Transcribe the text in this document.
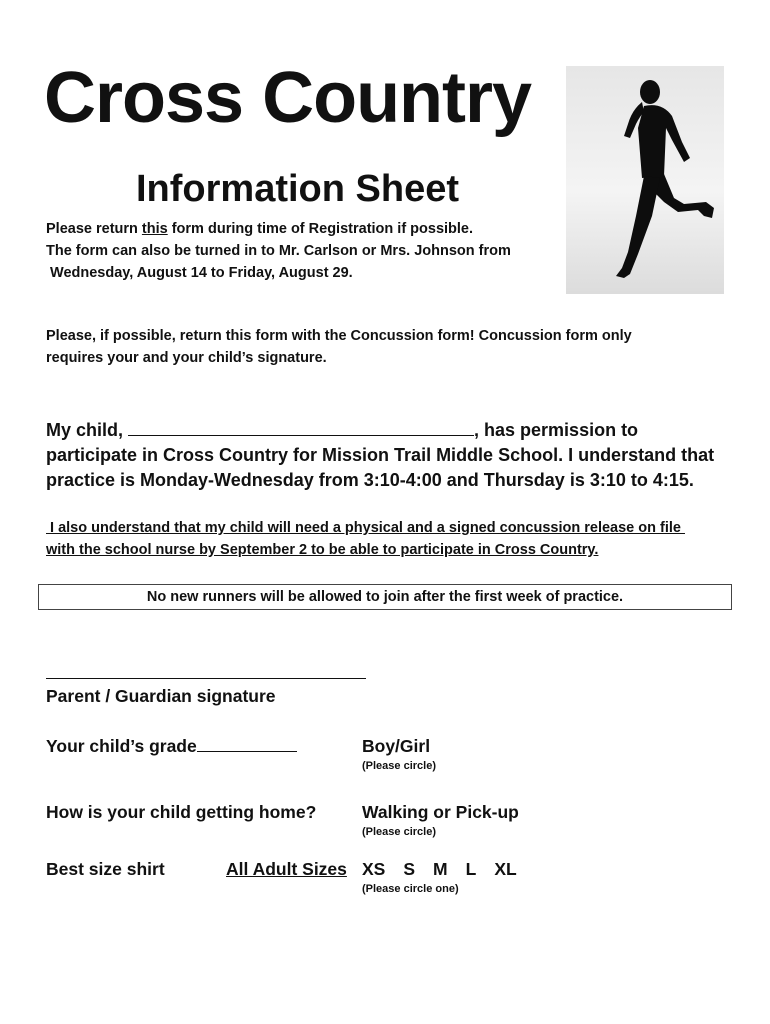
Cross Country
Information Sheet
Please return this form during time of Registration if possible.
The form can also be turned in to Mr. Carlson or Mrs. Johnson from
Wednesday, August 14 to Friday, August 29.
Please, if possible, return this form with the Concussion form! Concussion form only
requires your and your child’s signature.
My child,	, has permission to
participate in Cross Country for Mission Trail Middle School. I understand that
practice is Monday-Wednesday from 3:10-4:00 and Thursday is 3:10 to 4:15.
I also understand that my child will need a physical and a signed concussion release on file
with the school nurse by September 2 to be able to participate in Cross Country.
No new runners will be allowed to join after the first week of practice.
Parent / Guardian signature
Your child’s grade	Boy/Girl
(Please circle)
How is your child getting home?	Walking or Pick-up
(Please circle)
Best size shirt	All Adult Sizes XS S M L XL
(Please circle one)
